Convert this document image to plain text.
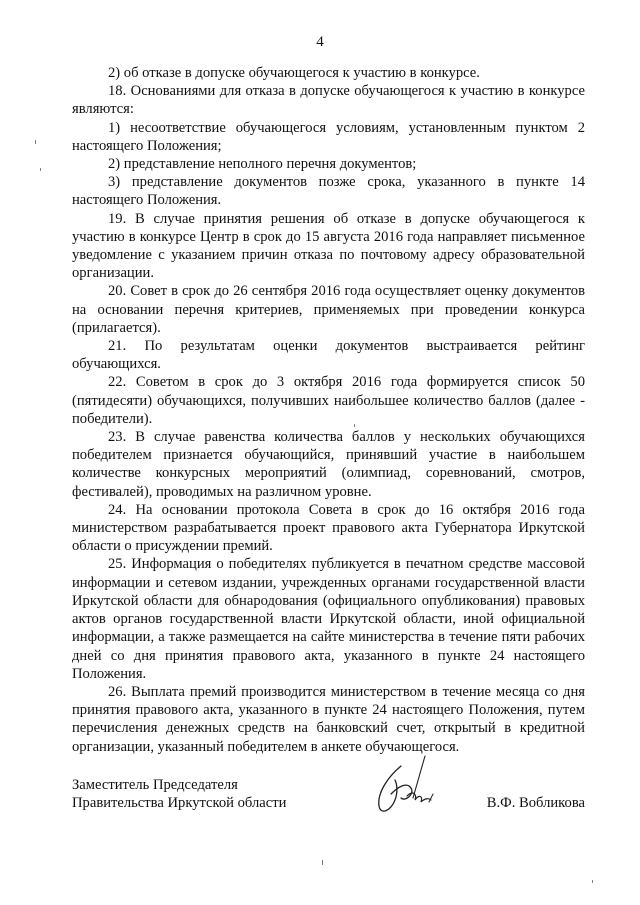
4

2) об отказе в допуске обучающегося к участию в конкурсе.

18. Основаниями для отказа в допуске обучающегося к участию в конкурсе являются:

1) несоответствие обучающегося условиям, установленным пунктом 2 настоящего Положения;

2) представление неполного перечня документов;

3) представление документов позже срока, указанного в пункте 14 настоящего Положения.

19. В случае принятия решения об отказе в допуске обучающегося к участию в конкурсе Центр в срок до 15 августа 2016 года направляет письменное уведомление с указанием причин отказа по почтовому адресу образовательной организации.

20. Совет в срок до 26 сентября 2016 года осуществляет оценку документов на основании перечня критериев, применяемых при проведении конкурса (прилагается).

21. По результатам оценки документов выстраивается рейтинг обучающихся.

22. Советом в срок до 3 октября 2016 года формируется список 50 (пятидесяти) обучающихся, получивших наибольшее количество баллов (далее - победители).

23. В случае равенства количества баллов у нескольких обучающихся победителем признается обучающийся, принявший участие в наибольшем количестве конкурсных мероприятий (олимпиад, соревнований, смотров, фестивалей), проводимых на различном уровне.

24. На основании протокола Совета в срок до 16 октября 2016 года министерством разрабатывается проект правового акта Губернатора Иркутской области о присуждении премий.

25. Информация о победителях публикуется в печатном средстве массовой информации и сетевом издании, учрежденных органами государственной власти Иркутской области для обнародования (официального опубликования) правовых актов органов государственной власти Иркутской области, иной официальной информации, а также размещается на сайте министерства в течение пяти рабочих дней со дня принятия правового акта, указанного в пункте 24 настоящего Положения.

26. Выплата премий производится министерством в течение месяца со дня принятия правового акта, указанного в пункте 24 настоящего Положения, путем перечисления денежных средств на банковский счет, открытый в кредитной организации, указанный победителем в анкете обучающегося.

Заместитель Председателя
Правительства Иркутской области	В.Ф. Вобликова
